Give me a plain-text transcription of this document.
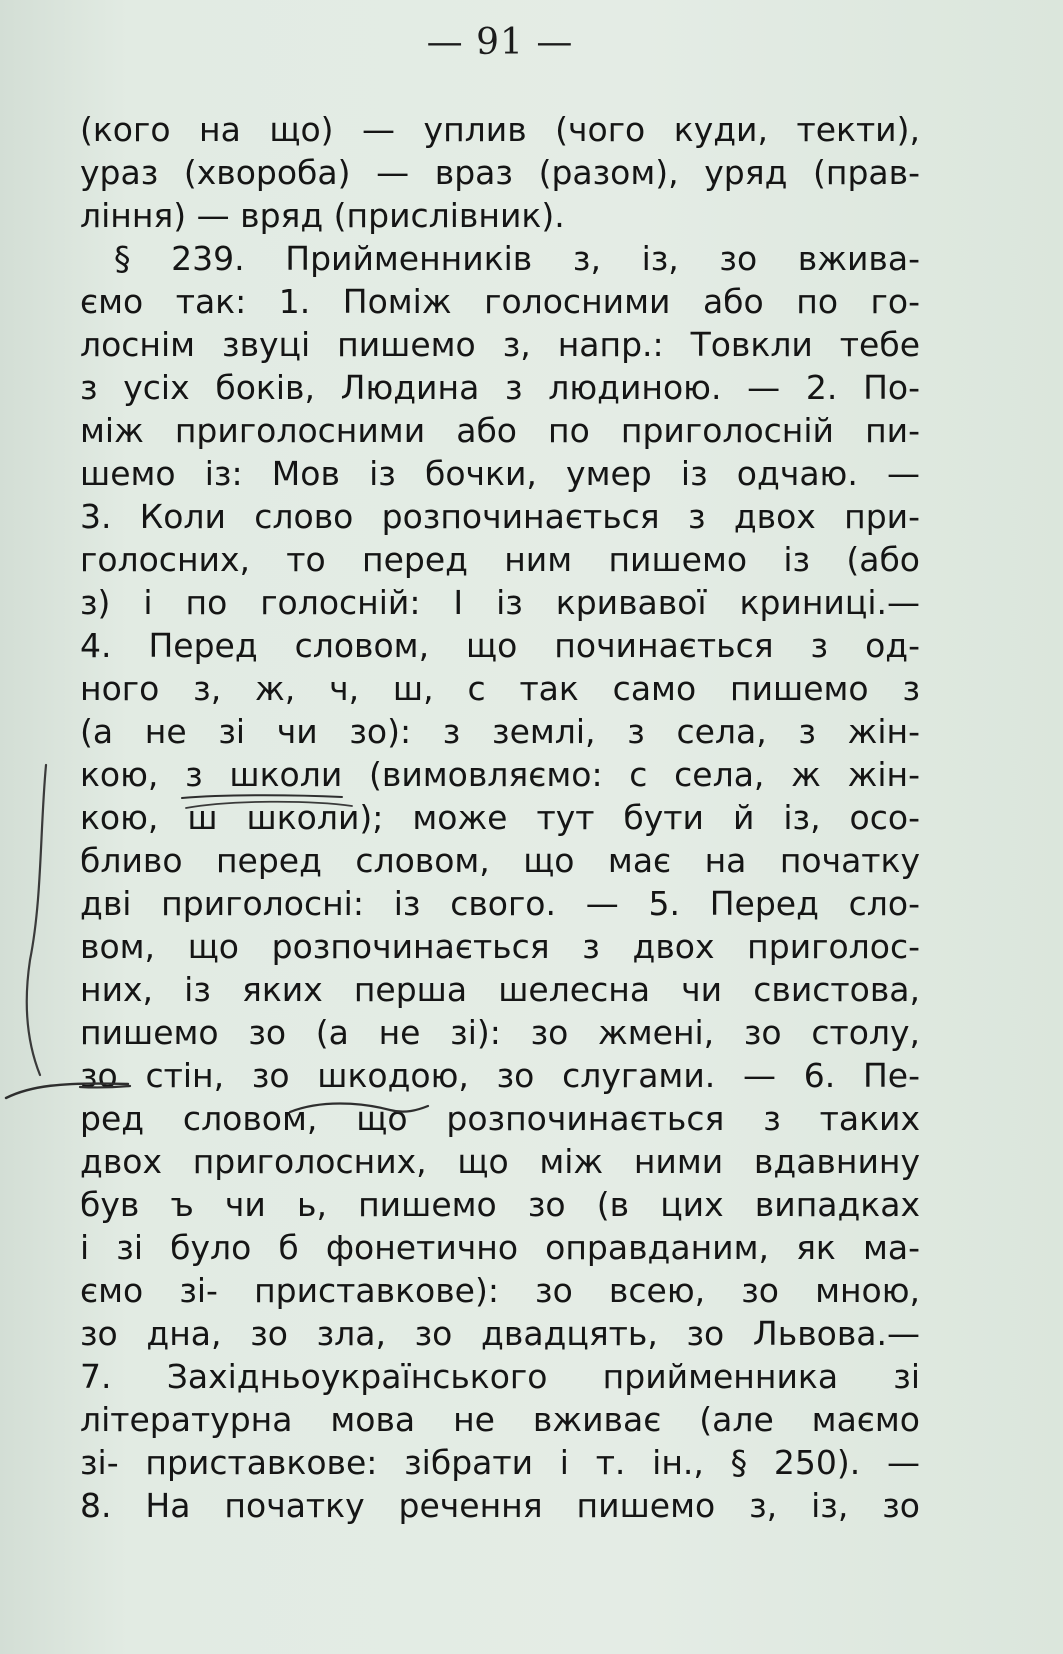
— 91 —
(кого на що) — уплив (чого куди, текти),
ураз (хвороба) — враз (разом), уряд (прав-
ління) — вряд (прислівник).
§ 239. Прийменників з, із, зо вжива-
ємо так: 1. Поміж голосними або по го-
лоснім звуці пишемо з, напр.: Товкли тебе
з усіх боків, Людина з людиною. — 2. По-
між приголосними або по приголосній пи-
шемо із: Мов із бочки, умер із одчаю. —
3. Коли слово розпочинається з двох при-
голосних, то перед ним пишемо із (або
з) і по голосній: І із кривавої криниці.—
4. Перед словом, що починається з од-
ного з, ж, ч, ш, с так само пишемо з
(а не зі чи зо): з землі, з села, з жін-
кою, з школи (вимовляємо: с села, ж жін-
кою, ш школи); може тут бути й із, осо-
бливо перед словом, що має на початку
дві приголосні: із свого. — 5. Перед сло-
вом, що розпочинається з двох приголос-
них, із яких перша шелесна чи свистова,
пишемо зо (а не зі): зо жмені, зо столу,
зо стін, зо шкодою, зо слугами. — 6. Пе-
ред словом, що розпочинається з таких
двох приголосних, що між ними вдавнину
був ъ чи ь, пишемо зо (в цих випадках
і зі було б фонетично оправданим, як ма-
ємо зі- приставкове): зо всею, зо мною,
зо дна, зо зла, зо двадцять, зо Львова.—
7. Західньоукраїнського прийменника зі
літературна мова не вживає (але маємо
зі- приставкове: зібрати і т. ін., § 250). —
8. На початку речення пишемо з, із, зо
